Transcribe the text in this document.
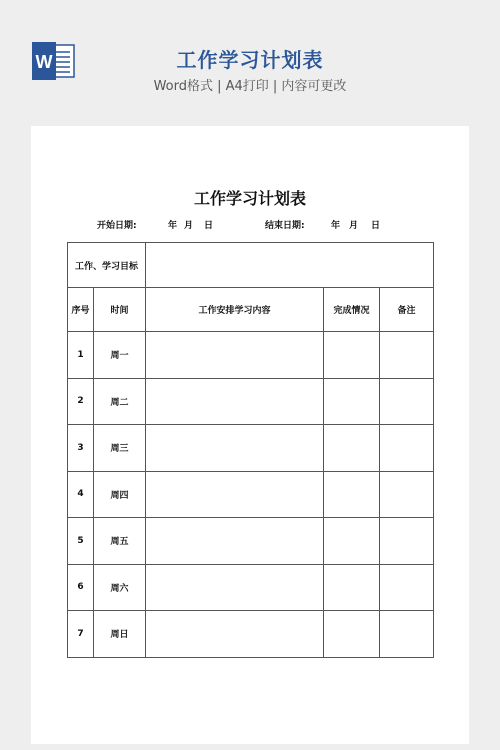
W	工作学习计划表
Word格式 | A4打印 | 内容可更改
工作学习计划表
开始日期:	年 月 日	结束日期:	年 月 日
工作、学习目标				
序号	时间	工作安排学习内容	完成情况	备注
1	周一			
2	周二			
3	周三			
4	周四			
5	周五			
6	周六			
7	周日			
